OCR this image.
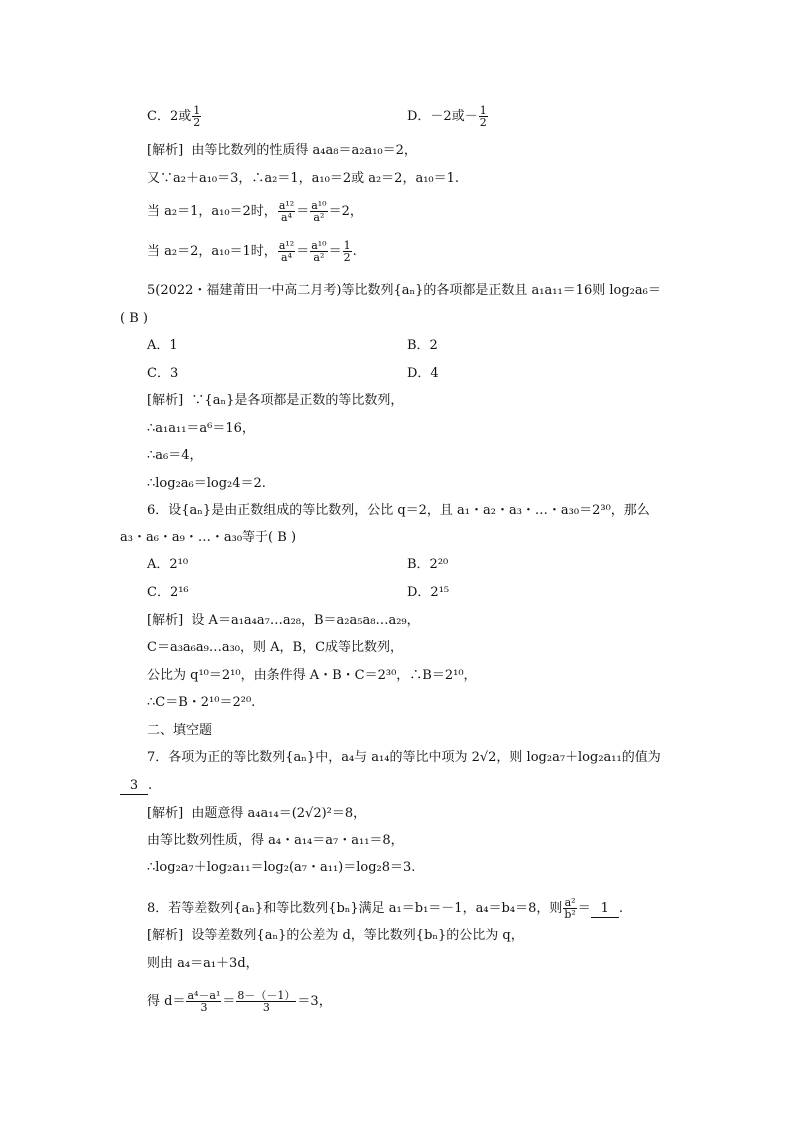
C．2或 $\frac{1}{2}$	D．－2或－ $\frac{1}{2}$
[解析] 由等比数列的性质得 a₄a₈＝a₂a₁₀＝2，
又∵a₂＋a₁₀＝3，∴a₂＝1，a₁₀＝2或 a₂＝2，a₁₀＝1.
当 a₂＝1，a₁₀＝2时， $\frac{\text{a¹²}}{\text{a⁴}} = \frac{\text{a¹⁰}}{\text{a²}} =2$，
当 a₂＝2，a₁₀＝1时， $\frac{\text{a¹²}}{\text{a⁴}} = \frac{\text{a¹⁰}}{\text{a²}} = \frac{1}{2}$ .
5(2022・福建莆田一中高二月考)等比数列{aₙ}的各项都是正数且 a₁a₁₁＝16则 log₂a₆＝
( B )
A．1	B．2
C．3	D．4
[解析] ∵{aₙ}是各项都是正数的等比数列，
∴a₁a₁₁＝a⁶＝16，
∴a₆＝4，
∴log₂a₆＝log₂4＝2.
6．设{aₙ}是由正数组成的等比数列，公比 q＝2，且 a₁・a₂・a₃・…・a₃₀＝2³⁰，那么
a₃・a₆・a₉・…・a₃₀等于( B )
A．2¹⁰	B．2²⁰
C．2¹⁶	D．2¹⁵
[解析] 设 A＝a₁a₄a₇…a₂₈，B＝a₂a₅a₈…a₂₉，
C＝a₃a₆a₉…a₃₀，则 A，B，C成等比数列，
公比为 q¹⁰＝2¹⁰，由条件得 A・B・C＝2³⁰，∴B＝2¹⁰，
∴C＝B・2¹⁰＝2²⁰.
二、填空题
7．各项为正的等比数列{aₙ}中，a₄与 a₁₄的等比中项为 2√2，则 log₂a₇＋log₂a₁₁的值为
3 .
[解析] 由题意得 a₄a₁₄＝(2√2)²＝8，
由等比数列性质，得 a₄・a₁₄＝a₇・a₁₁＝8，
∴log₂a₇＋log₂a₁₁＝log₂(a₇・a₁₁)＝log₂8＝3.
8．若等差数列{aₙ}和等比数列{bₙ}满足 a₁＝b₁＝－1，a₄＝b₄＝8，则 $\frac{\text{a²}}{\text{b²}} = 1$ .
[解析] 设等差数列{aₙ}的公差为 d，等比数列{bₙ}的公比为 q，
则由 a₄＝a₁＋3d，
得 $d= \frac{\text{a⁴－a¹}}{3} = \frac{8-(-1)}{3} =3$，
